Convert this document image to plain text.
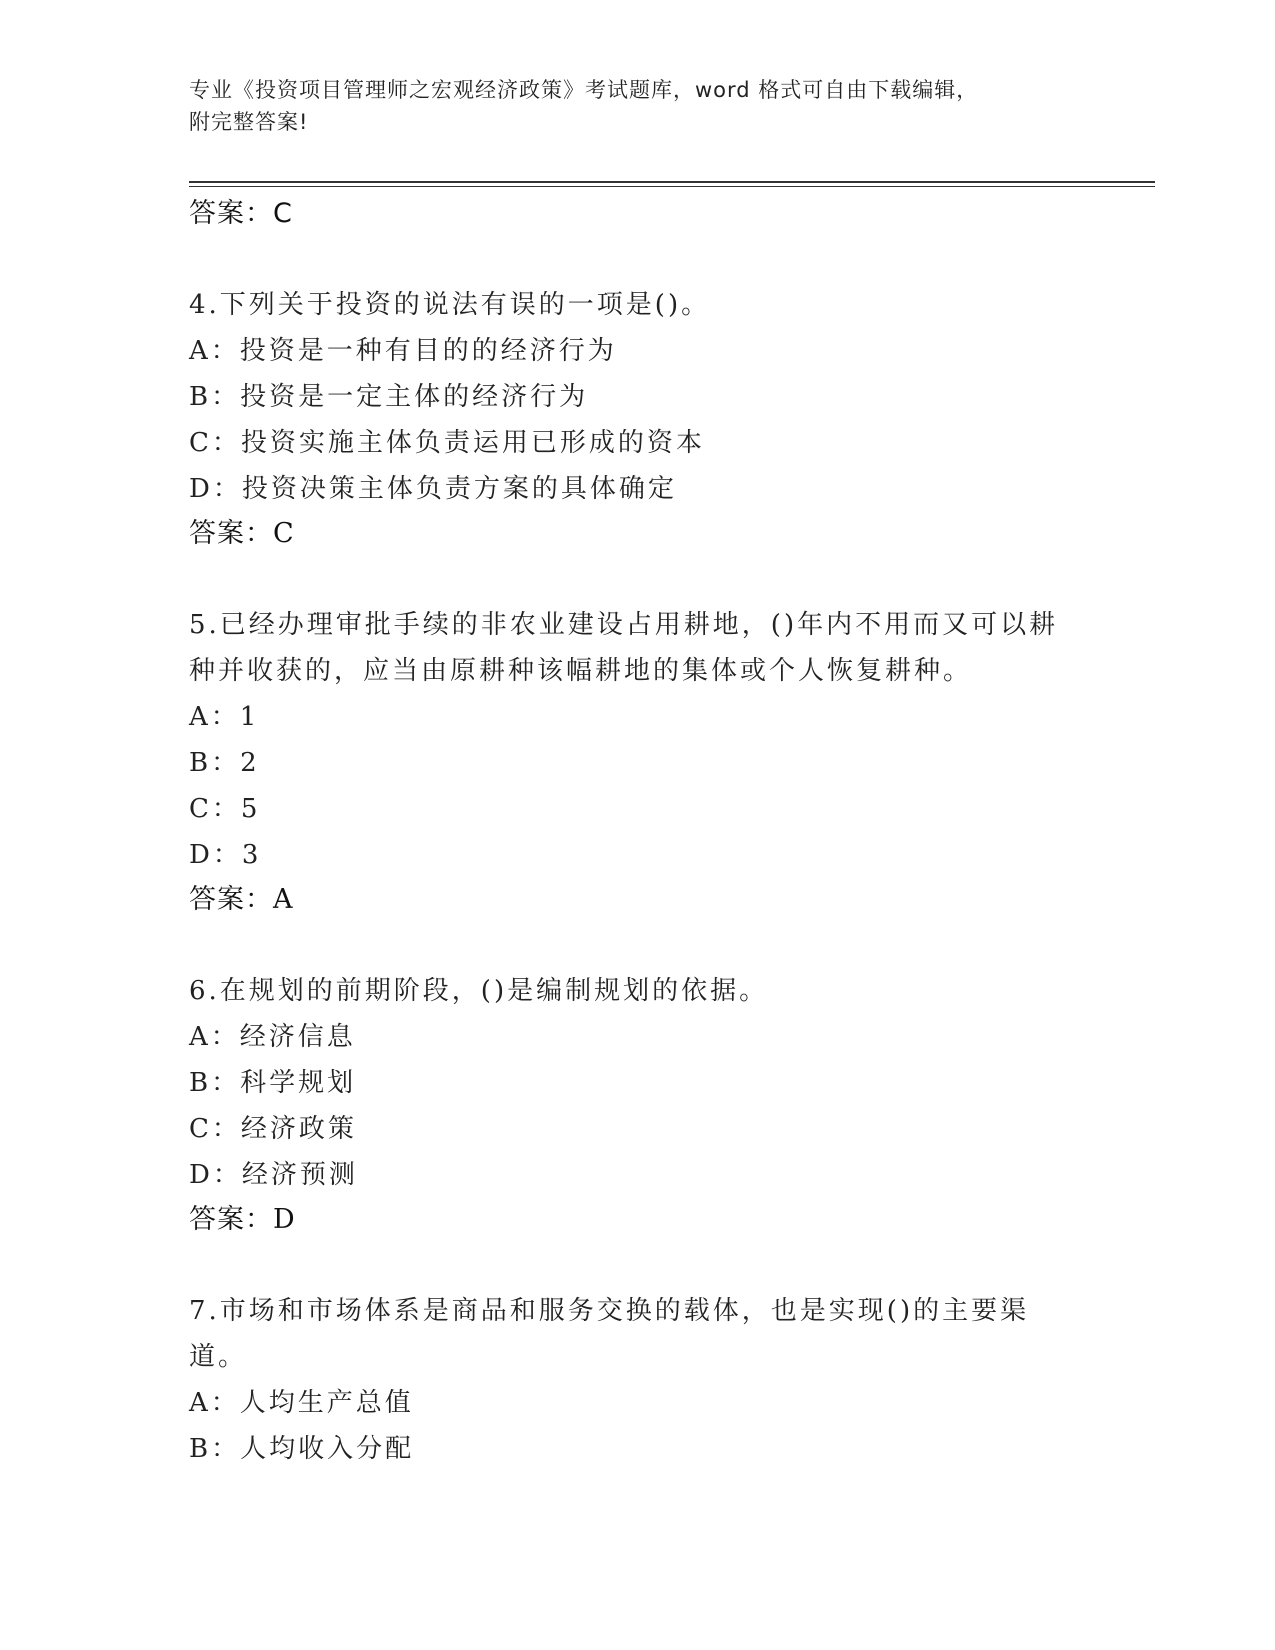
专业《投资项目管理师之宏观经济政策》考试题库，word 格式可自由下载编辑，
附完整答案!
答案：C
4.下列关于投资的说法有误的一项是()。
A：投资是一种有目的的经济行为
B：投资是一定主体的经济行为
C：投资实施主体负责运用已形成的资本
D：投资决策主体负责方案的具体确定
答案：C
5.已经办理审批手续的非农业建设占用耕地，()年内不用而又可以耕种并收获的，应当由原耕种该幅耕地的集体或个人恢复耕种。
A：1
B：2
C：5
D：3
答案：A
6.在规划的前期阶段，()是编制规划的依据。
A：经济信息
B：科学规划
C：经济政策
D：经济预测
答案：D
7.市场和市场体系是商品和服务交换的载体，也是实现()的主要渠道。
A：人均生产总值
B：人均收入分配
